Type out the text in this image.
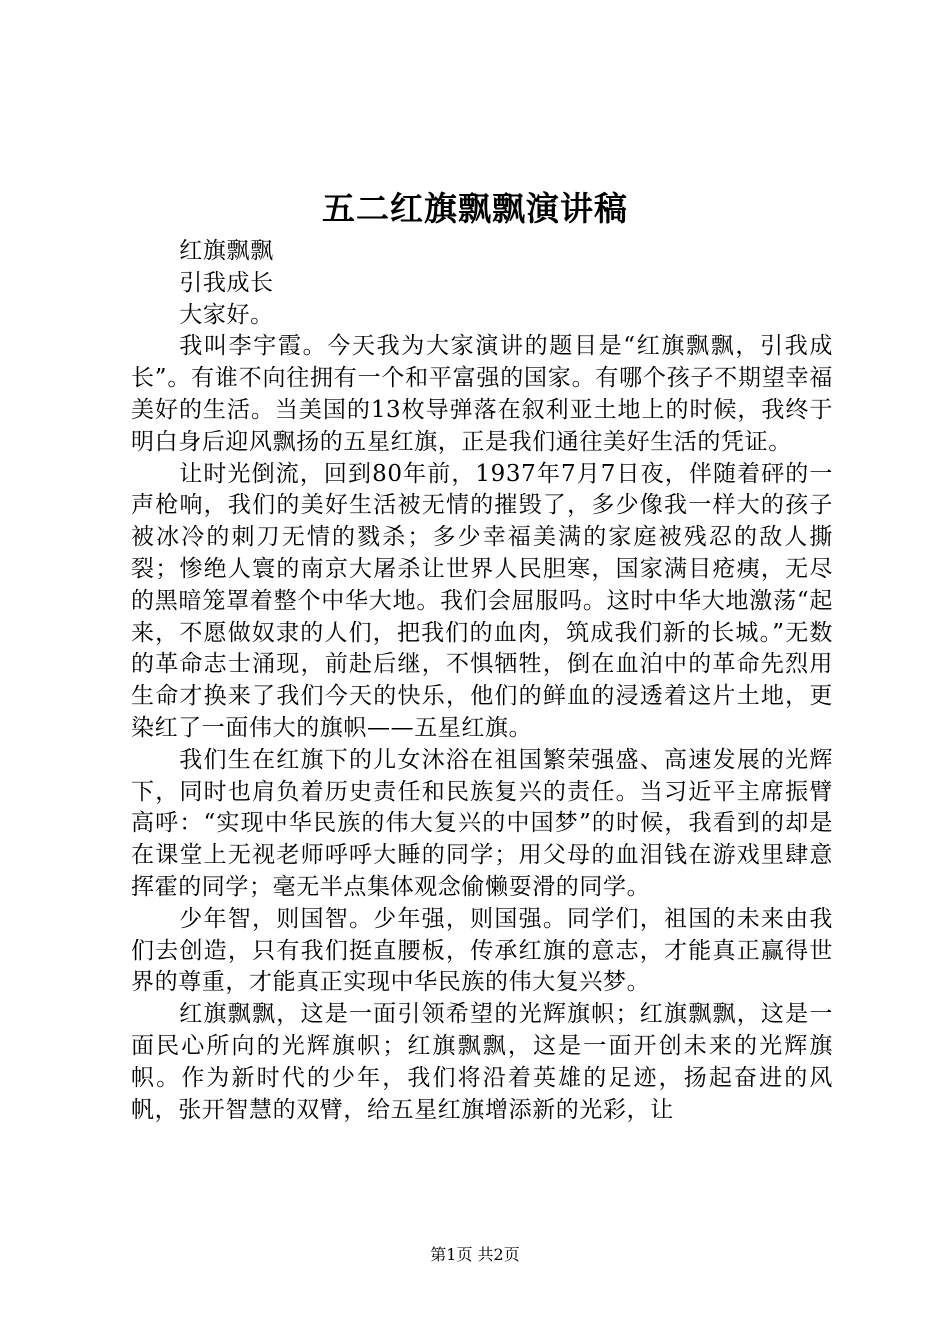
五二红旗飘飘演讲稿

红旗飘飘

引我成长

大家好。

我叫李宇霞。今天我为大家演讲的题目是“红旗飘飘，引我成长”。有谁不向往拥有一个和平富强的国家。有哪个孩子不期望幸福美好的生活。当美国的13枚导弹落在叙利亚土地上的时候，我终于明白身后迎风飘扬的五星红旗，正是我们通往美好生活的凭证。

让时光倒流，回到80年前，1937年7月7日夜，伴随着砰的一声枪响，我们的美好生活被无情的摧毁了，多少像我一样大的孩子被冰冷的刺刀无情的戮杀；多少幸福美满的家庭被残忍的敌人撕裂；惨绝人寰的南京大屠杀让世界人民胆寒，国家满目疮痍，无尽的黑暗笼罩着整个中华大地。我们会屈服吗。这时中华大地激荡“起来，不愿做奴隶的人们，把我们的血肉，筑成我们新的长城。”无数的革命志士涌现，前赴后继，不惧牺牲，倒在血泊中的革命先烈用生命才换来了我们今天的快乐，他们的鲜血的浸透着这片土地，更染红了一面伟大的旗帜——五星红旗。

我们生在红旗下的儿女沐浴在祖国繁荣强盛、高速发展的光辉下，同时也肩负着历史责任和民族复兴的责任。当习近平主席振臂高呼：“实现中华民族的伟大复兴的中国梦”的时候，我看到的却是在课堂上无视老师呼呼大睡的同学；用父母的血泪钱在游戏里肆意挥霍的同学；毫无半点集体观念偷懒耍滑的同学。

少年智，则国智。少年强，则国强。同学们，祖国的未来由我们去创造，只有我们挺直腰板，传承红旗的意志，才能真正赢得世界的尊重，才能真正实现中华民族的伟大复兴梦。

红旗飘飘，这是一面引领希望的光辉旗帜；红旗飘飘，这是一面民心所向的光辉旗帜；红旗飘飘，这是一面开创未来的光辉旗帜。作为新时代的少年，我们将沿着英雄的足迹，扬起奋进的风帆，张开智慧的双臂，给五星红旗增添新的光彩，让

第1页 共2页
